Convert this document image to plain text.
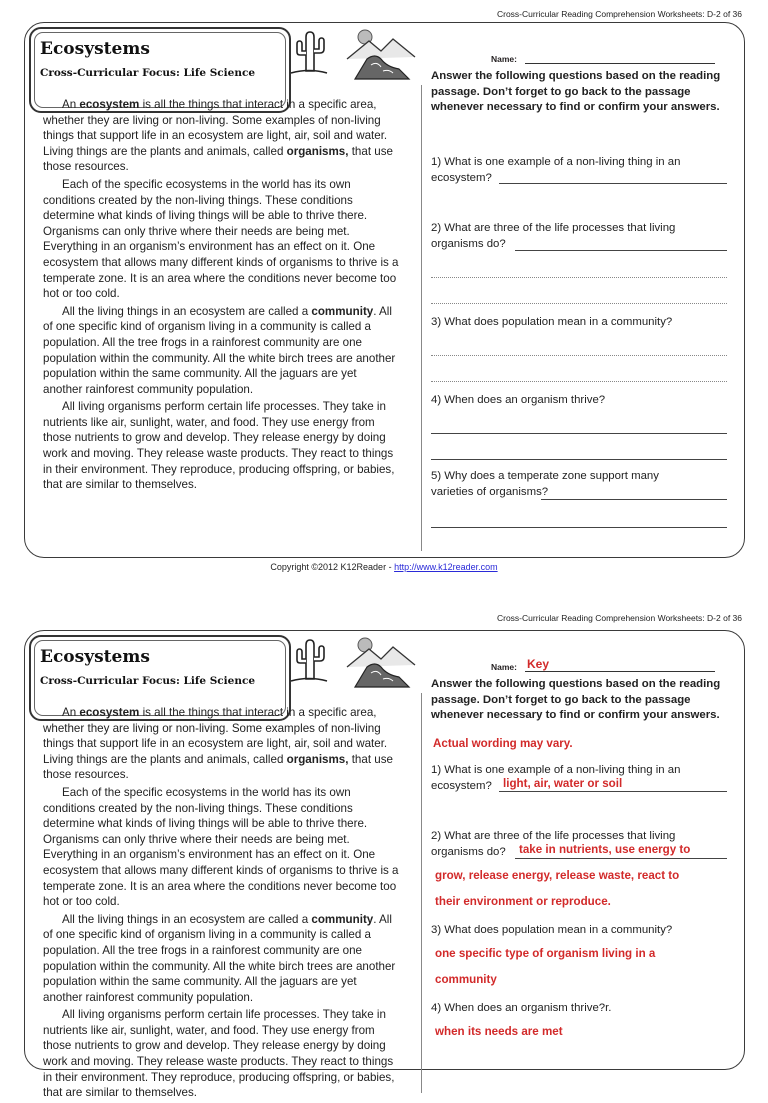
Cross-Curricular Reading Comprehension Worksheets: D-2 of 36
Ecosystems
Cross-Curricular Focus: Life Science

An ecosystem is all the things that interact in a specific area, whether they are living or non-living. Some examples of non-living things that support life in an ecosystem are light, air, soil and water. Living things are the plants and animals, called organisms, that use those resources.

Each of the specific ecosystems in the world has its own conditions created by the non-living things. These conditions determine what kinds of living things will be able to thrive there. Organisms can only thrive where their needs are being met. Everything in an organism’s environment has an effect on it. One ecosystem that allows many different kinds of organisms to thrive is a temperate zone. It is an area where the conditions never become too hot or too cold.

All the living things in an ecosystem are called a community. All of one specific kind of organism living in a community is called a population. All the tree frogs in a rainforest community are one population within the community. All the white birch trees are another population within the same community. All the jaguars are yet another rainforest community population.

All living organisms perform certain life processes. They take in nutrients like air, sunlight, water, and food. They use energy from those nutrients to grow and develop. They release energy by doing work and moving. They release waste products. They react to things in their environment. They reproduce, producing offspring, or babies, that are similar to themselves.

Name:
Answer the following questions based on the reading passage. Don’t forget to go back to the passage whenever necessary to find or confirm your answers.
1) What is one example of a non-living thing in an
ecosystem?
2) What are three of the life processes that living
organisms do?
3) What does population mean in a community?
4) When does an organism thrive?
5) Why does a temperate zone support many
varieties of organisms?
Copyright ©2012 K12Reader - http://www.k12reader.com
Cross-Curricular Reading Comprehension Worksheets: D-2 of 36
Ecosystems
Cross-Curricular Focus: Life Science

An ecosystem is all the things that interact in a specific area, whether they are living or non-living. Some examples of non-living things that support life in an ecosystem are light, air, soil and water. Living things are the plants and animals, called organisms, that use those resources.

Each of the specific ecosystems in the world has its own conditions created by the non-living things. These conditions determine what kinds of living things will be able to thrive there. Organisms can only thrive where their needs are being met. Everything in an organism’s environment has an effect on it. One ecosystem that allows many different kinds of organisms to thrive is a temperate zone. It is an area where the conditions never become too hot or too cold.

All the living things in an ecosystem are called a community. All of one specific kind of organism living in a community is called a population. All the tree frogs in a rainforest community are one population within the community. All the white birch trees are another population within the same community. All the jaguars are yet another rainforest community population.

All living organisms perform certain life processes. They take in nutrients like air, sunlight, water, and food. They use energy from those nutrients to grow and develop. They release energy by doing work and moving. They release waste products. They react to things in their environment. They reproduce, producing offspring, or babies, that are similar to themselves.

Name: Key
Answer the following questions based on the reading passage. Don’t forget to go back to the passage whenever necessary to find or confirm your answers.
Actual wording may vary.
1) What is one example of a non-living thing in an
ecosystem? light, air, water or soil
2) What are three of the life processes that living
organisms do?	take in nutrients, use energy to
grow, release energy, release waste, react to
their environment or reproduce.
3) What does population mean in a community?
one specific type of organism living in a
community
4) When does an organism thrive?r.
when its needs are met
